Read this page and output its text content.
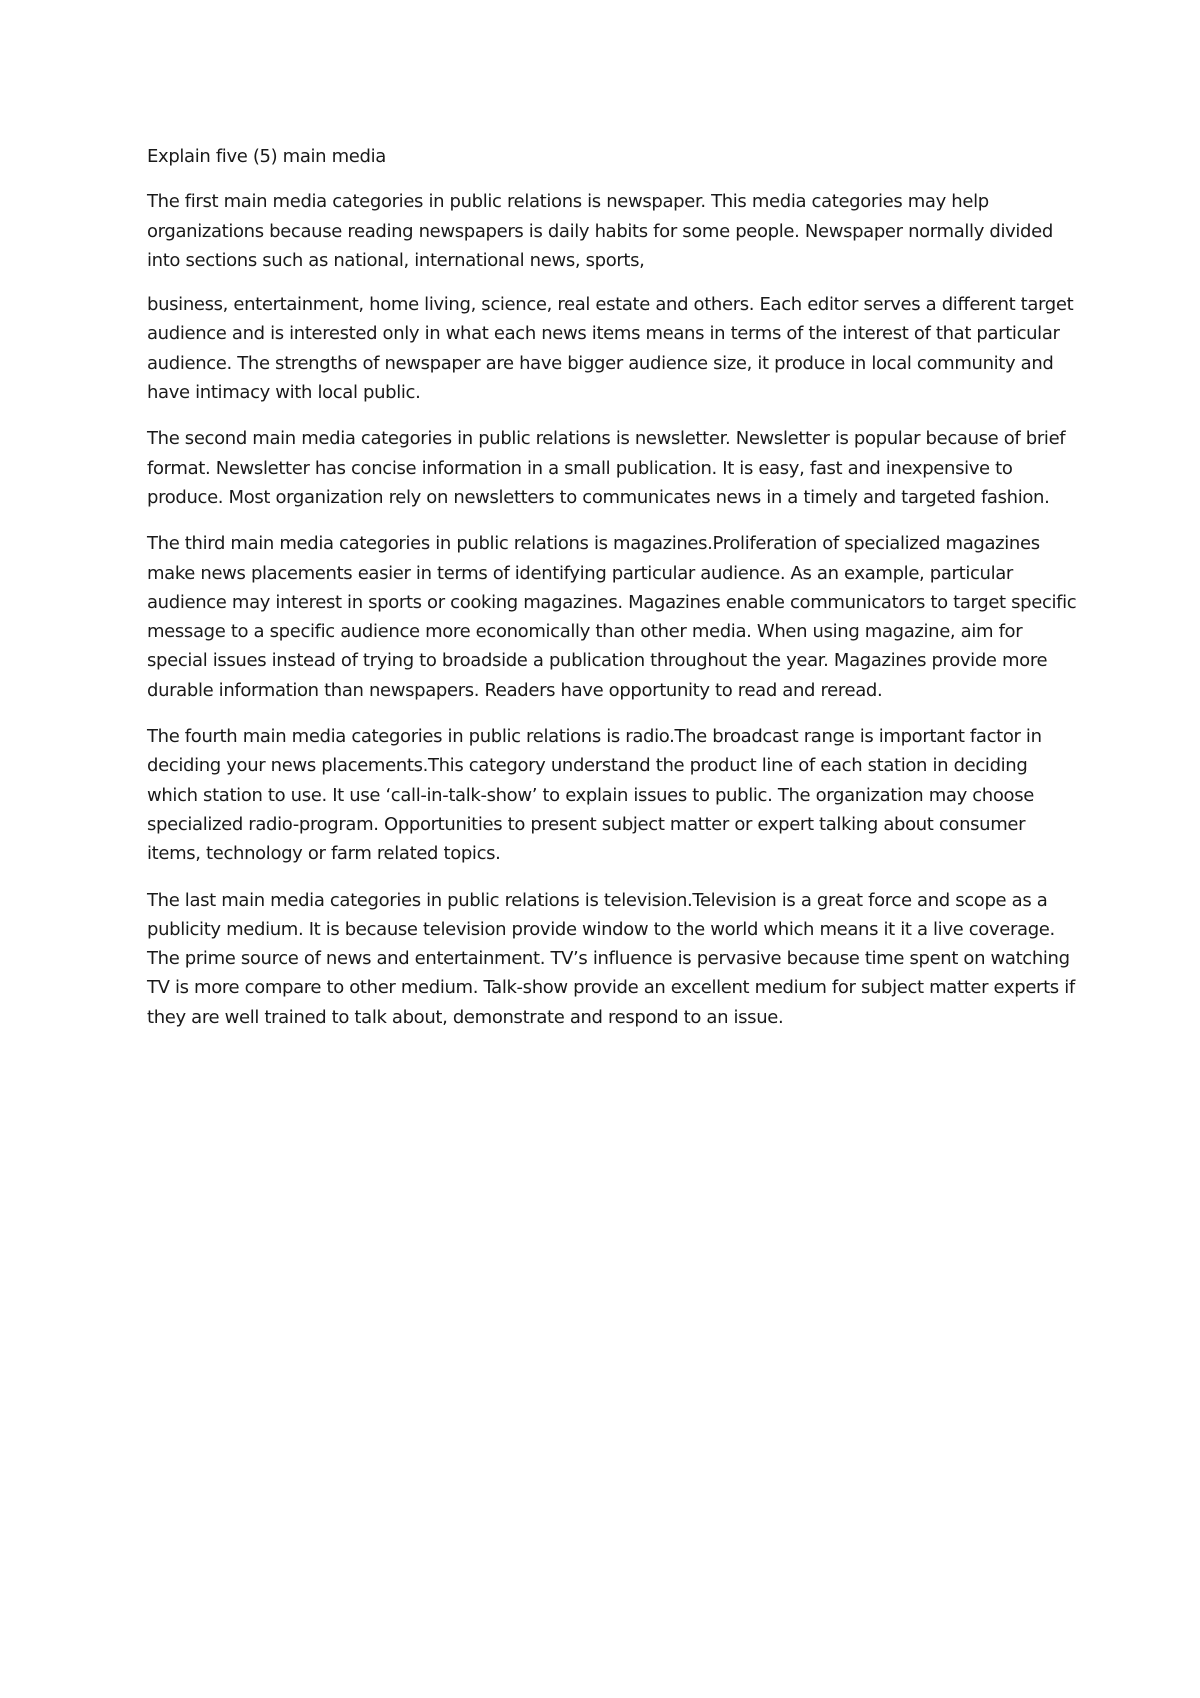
Explain five (5) main media

The first main media categories in public relations is newspaper. This media categories may help organizations because reading newspapers is daily habits for some people. Newspaper normally divided into sections such as national, international news, sports,

business, entertainment, home living, science, real estate and others. Each editor serves a different target audience and is interested only in what each news items means in terms of the interest of that particular audience. The strengths of newspaper are have bigger audience size, it produce in local community and have intimacy with local public.

The second main media categories in public relations is newsletter. Newsletter is popular because of brief format. Newsletter has concise information in a small publication. It is easy, fast and inexpensive to produce. Most organization rely on newsletters to communicates news in a timely and targeted fashion.

The third main media categories in public relations is magazines.Proliferation of specialized magazines make news placements easier in terms of identifying particular audience. As an example, particular audience may interest in sports or cooking magazines. Magazines enable communicators to target specific message to a specific audience more economically than other media. When using magazine, aim for special issues instead of trying to broadside a publication throughout the year. Magazines provide more durable information than newspapers. Readers have opportunity to read and reread.

The fourth main media categories in public relations is radio.The broadcast range is important factor in deciding your news placements.This category understand the product line of each station in deciding which station to use. It use ‘call-in-talk-show’ to explain issues to public. The organization may choose specialized radio-program. Opportunities to present subject matter or expert talking about consumer items, technology or farm related topics.

The last main media categories in public relations is television.Television is a great force and scope as a publicity medium. It is because television provide window to the world which means it it a live coverage. The prime source of news and entertainment. TV’s influence is pervasive because time spent on watching TV is more compare to other medium. Talk-show provide an excellent medium for subject matter experts if they are well trained to talk about, demonstrate and respond to an issue.
